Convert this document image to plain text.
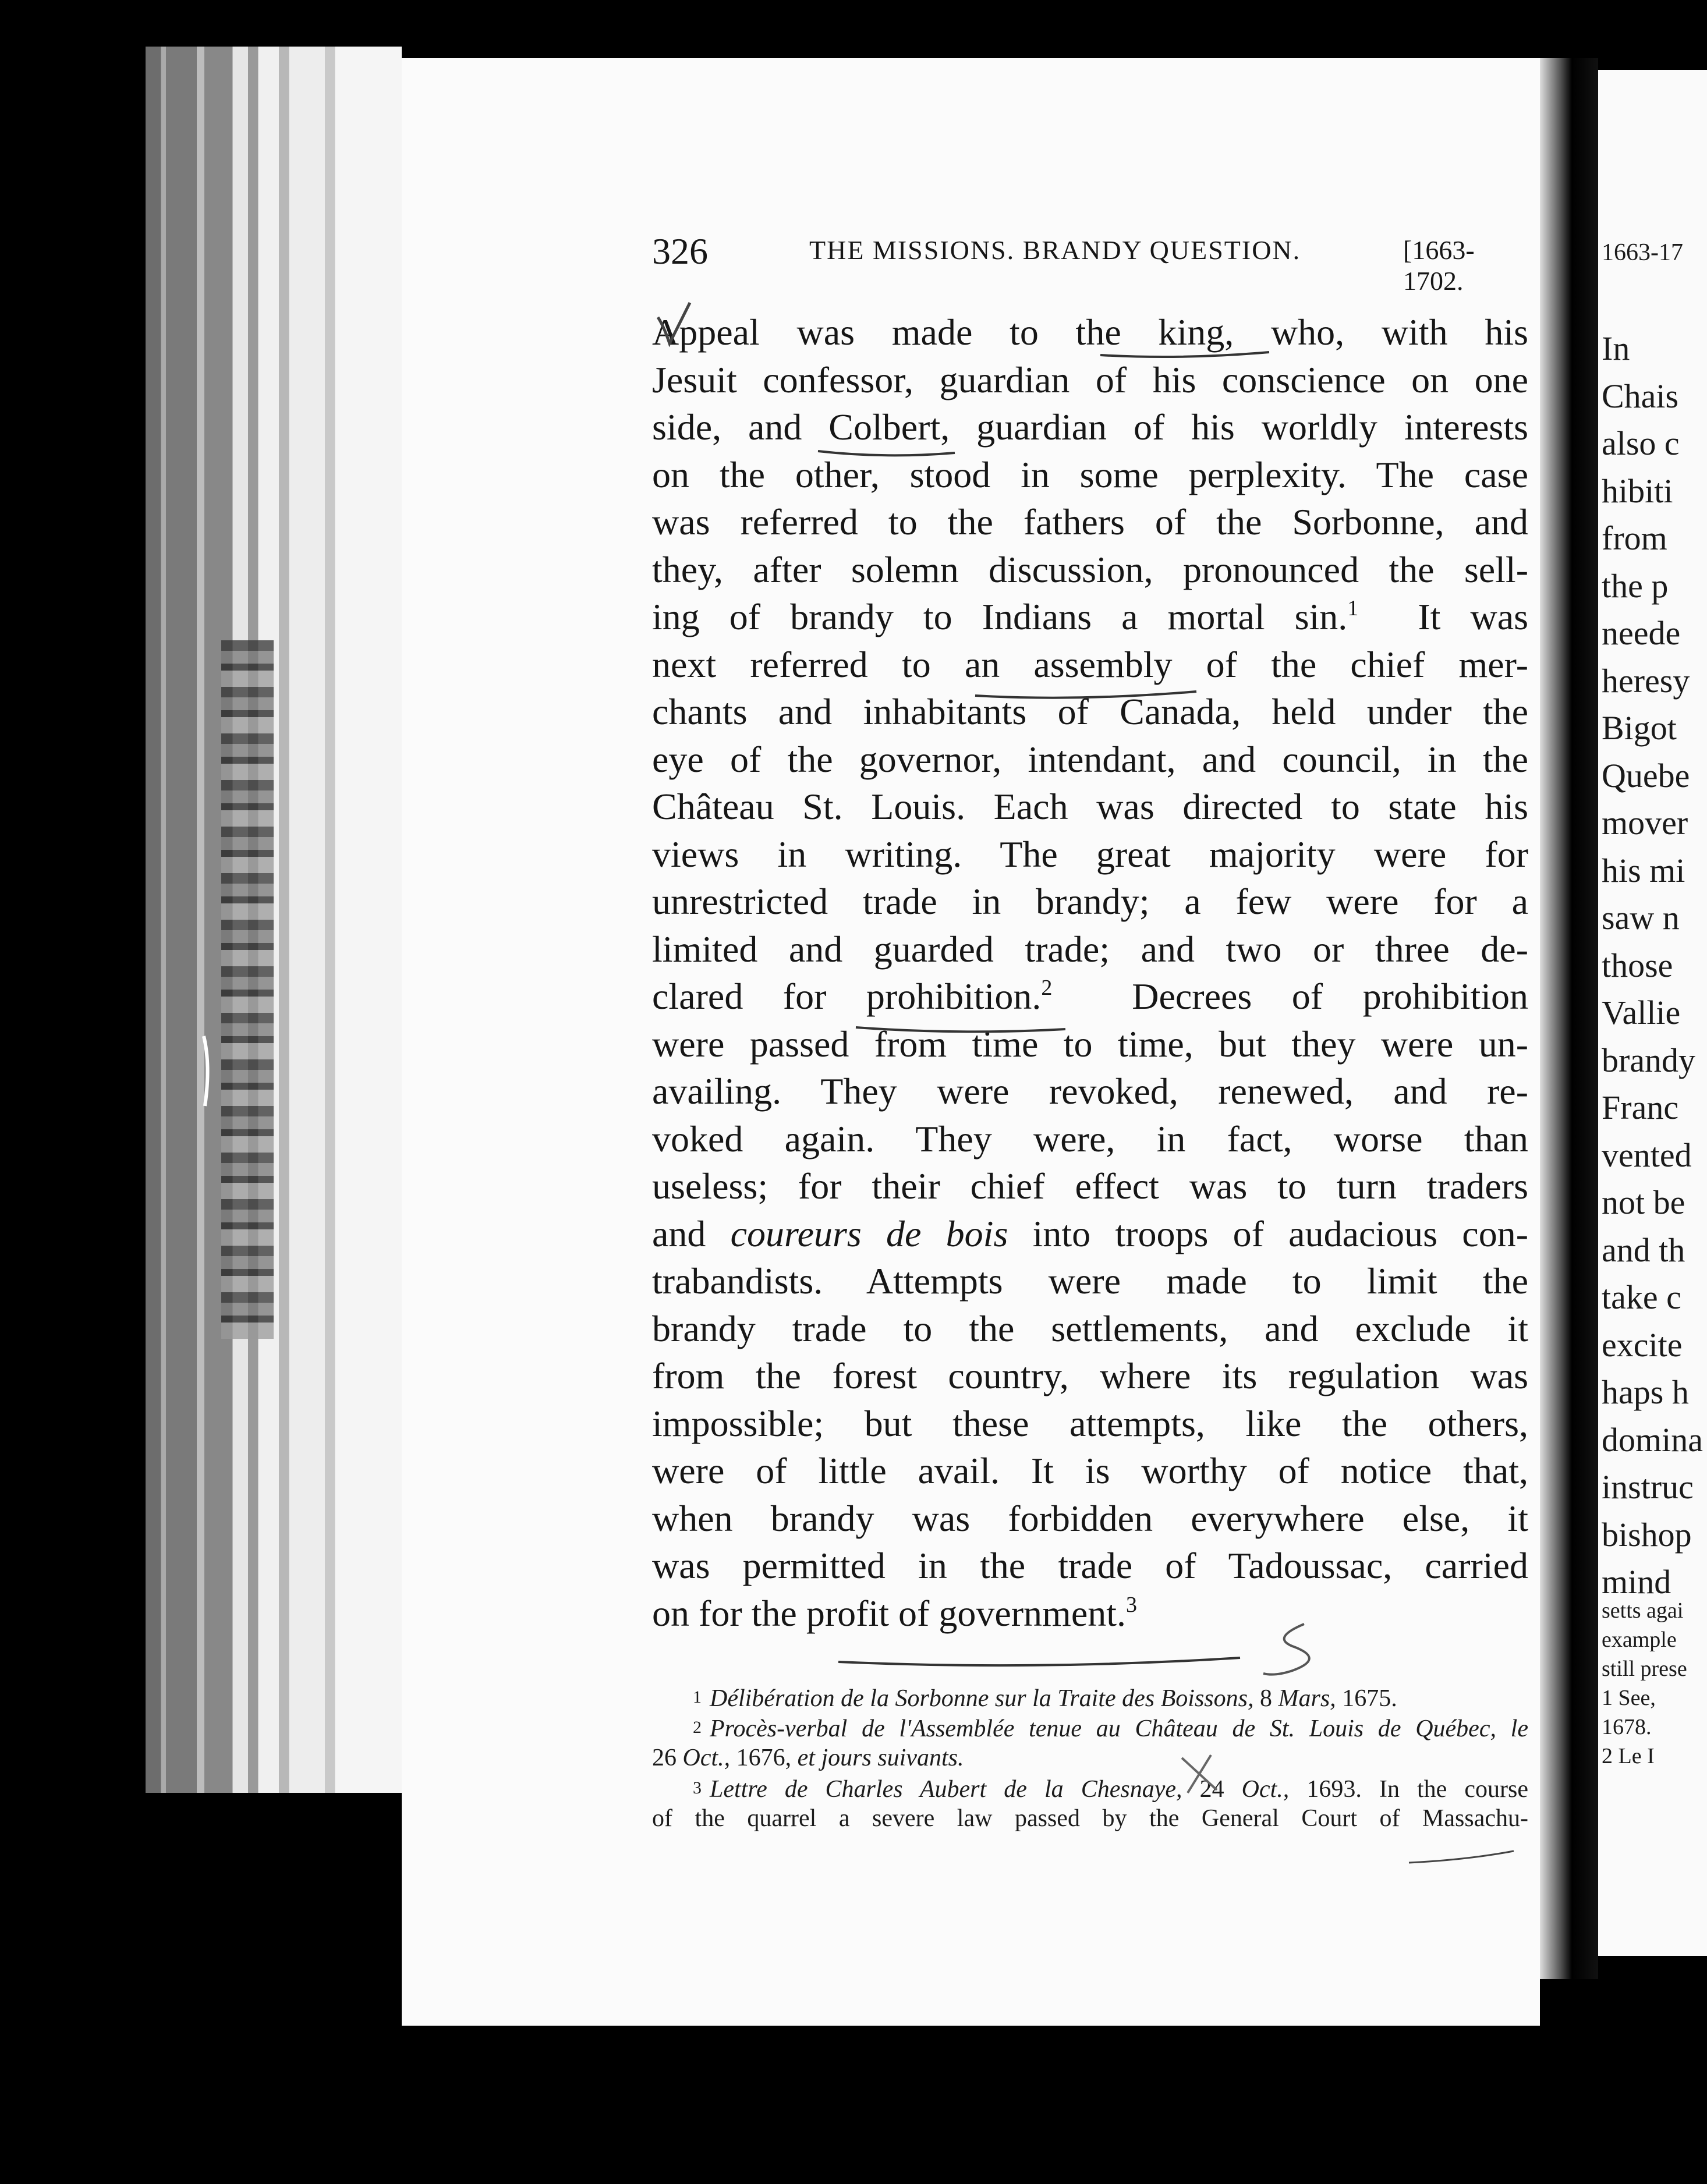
1663-17
In
Chais
also c
hibiti
from
the p
neede
heresy
Bigot
Quebe
mover
his mi
saw n
those
Vallie
brandy
Franc
vented
not be
and th
take c
excite
haps h
domina
instruc
bishop
mind
setts agai
example
still prese
1 See,
1678.
2 Le I
326	THE MISSIONS. BRANDY QUESTION.	[1663-1702.
Appeal was made to the king, who, with his
Jesuit confessor, guardian of his conscience on one
side, and Colbert, guardian of his worldly interests
on the other, stood in some perplexity. The case
was referred to the fathers of the Sorbonne, and
they, after solemn discussion, pronounced the sell-
ing of brandy to Indians a mortal sin.$^1$ It was
next referred to an assembly of the chief mer-
chants and inhabitants of Canada, held under the
eye of the governor, intendant, and council, in the
Château St. Louis. Each was directed to state his
views in writing. The great majority were for
unrestricted trade in brandy; a few were for a
limited and guarded trade; and two or three de-
clared for prohibition.$^2$ Decrees of prohibition
were passed from time to time, but they were un-
availing. They were revoked, renewed, and re-
voked again. They were, in fact, worse than
useless; for their chief effect was to turn traders
and coureurs de bois into troops of audacious con-
trabandists. Attempts were made to limit the
brandy trade to the settlements, and exclude it
from the forest country, where its regulation was
impossible; but these attempts, like the others,
were of little avail. It is worthy of notice that,
when brandy was forbidden everywhere else, it
was permitted in the trade of Tadoussac, carried
on for the profit of government.$^3$
1 Délibération de la Sorbonne sur la Traite des Boissons, 8 Mars, 1675.
2 Procès-verbal de l'Assemblée tenue au Château de St. Louis de Québec, le
26 Oct., 1676, et jours suivants.
3 Lettre de Charles Aubert de la Chesnaye, 24 Oct., 1693. In the course
of the quarrel a severe law passed by the General Court of Massachu-
